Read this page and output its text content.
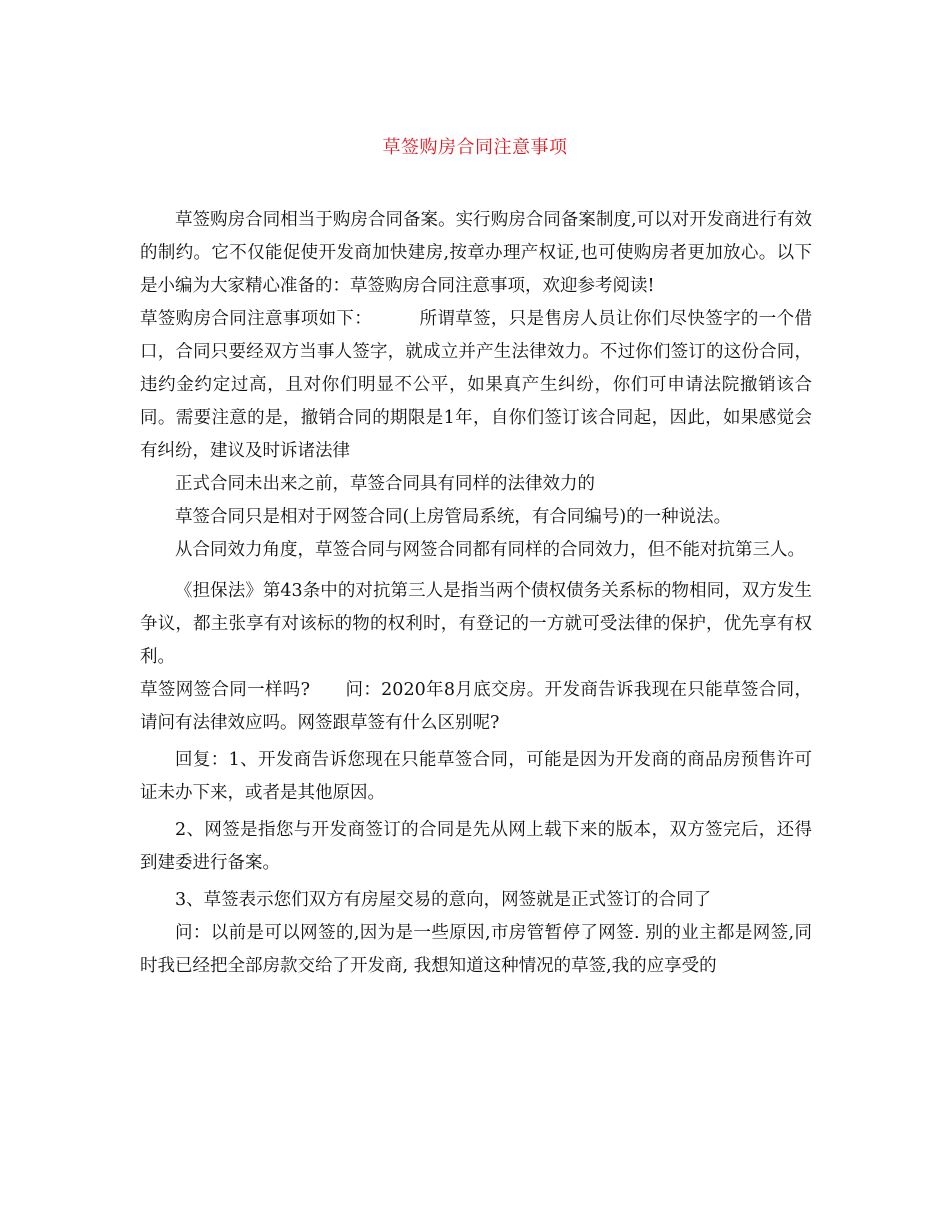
草签购房合同注意事项

草签购房合同相当于购房合同备案。实行购房合同备案制度,可以对开发商进行有效的制约。它不仅能促使开发商加快建房,按章办理产权证,也可使购房者更加放心。以下是小编为大家精心准备的：草签购房合同注意事项，欢迎参考阅读!

草签购房合同注意事项如下：        所谓草签，只是售房人员让你们尽快签字的一个借口，合同只要经双方当事人签字，就成立并产生法律效力。不过你们签订的这份合同，违约金约定过高，且对你们明显不公平，如果真产生纠纷，你们可申请法院撤销该合同。需要注意的是，撤销合同的期限是1年，自你们签订该合同起，因此，如果感觉会有纠纷，建议及时诉诸法律

正式合同未出来之前，草签合同具有同样的法律效力的

草签合同只是相对于网签合同(上房管局系统，有合同编号)的一种说法。

从合同效力角度，草签合同与网签合同都有同样的合同效力，但不能对抗第三人。

《担保法》第43条中的对抗第三人是指当两个债权债务关系标的物相同，双方发生争议，都主张享有对该标的物的权利时，有登记的一方就可受法律的保护，优先享有权利。

草签网签合同一样吗?      问：2020年8月底交房。开发商告诉我现在只能草签合同，请问有法律效应吗。网签跟草签有什么区别呢?

回复：1、开发商告诉您现在只能草签合同，可能是因为开发商的商品房预售许可证未办下来，或者是其他原因。

2、网签是指您与开发商签订的合同是先从网上载下来的版本，双方签完后，还得到建委进行备案。

3、草签表示您们双方有房屋交易的意向，网签就是正式签订的合同了

问：以前是可以网签的,因为是一些原因,市房管暂停了网签. 别的业主都是网签,同时我已经把全部房款交给了开发商, 我想知道这种情况的草签,我的应享受的
